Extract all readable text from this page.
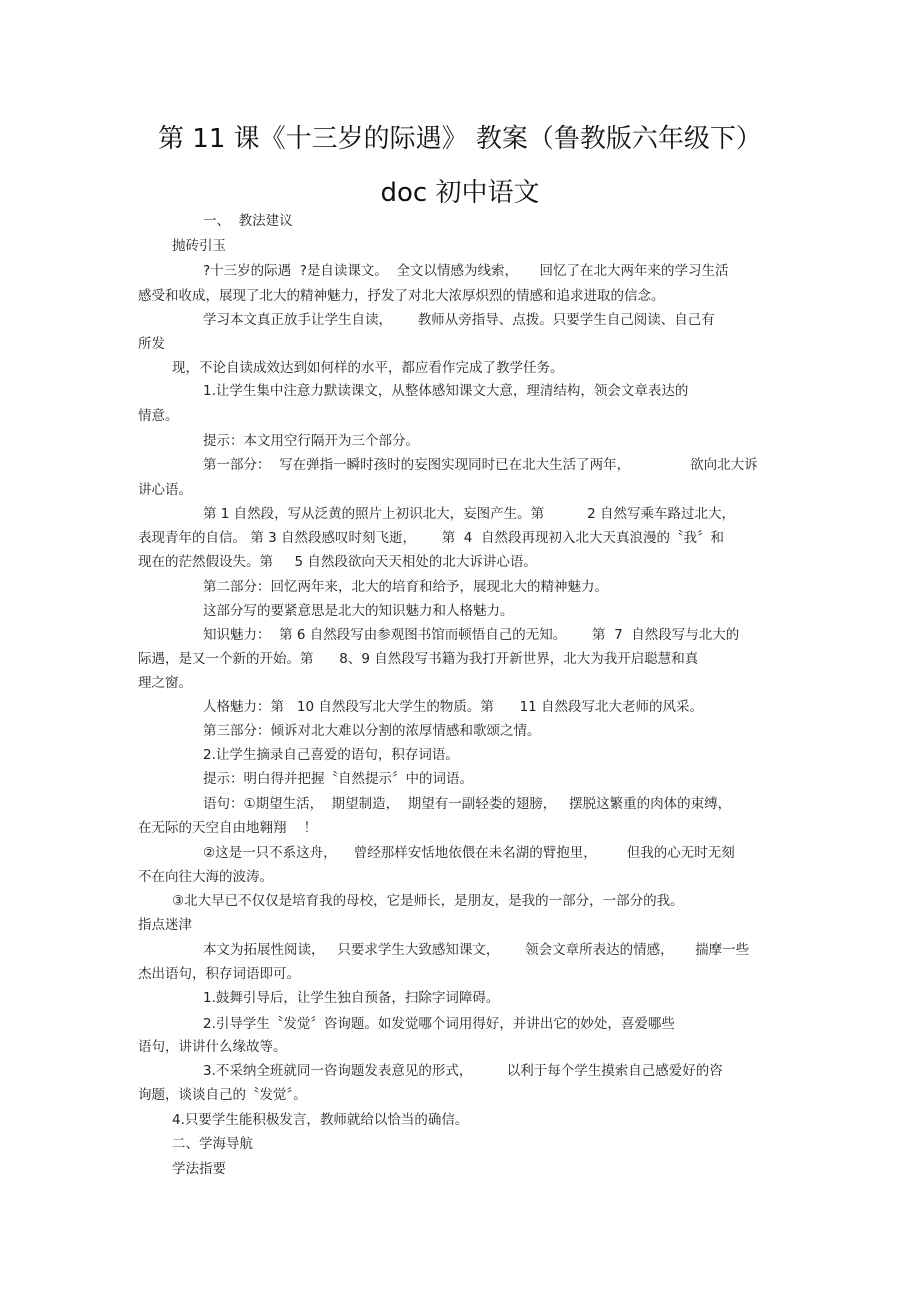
第 11 课《十三岁的际遇》 教案（鲁教版六年级下）
doc 初中语文
一、  教法建议
抛砖引玉
?十三岁的际遇  ?是自读课文。  全文以情感为线索，     回忆了在北大两年来的学习生活
感受和收成，展现了北大的精神魅力，抒发了对北大浓厚炽烈的情感和追求进取的信念。
学习本文真正放手让学生自读，      教师从旁指导、点拨。只要学生自己阅读、自己有
所发
现，不论自读成效达到如何样的水平，都应看作完成了教学任务。
1.让学生集中注意力默读课文，从整体感知课文大意，理清结构，领会文章表达的
情意。
提示：本文用空行隔开为三个部分。
第一部分：  写在弹指一瞬时孩时的妄图实现同时已在北大生活了两年，              欲向北大诉
讲心语。
第 1 自然段，写从泛黄的照片上初识北大，妄图产生。第          2 自然写乘车路过北大，
表现青年的自信。 第 3 自然段感叹时刻飞逝，      第  4  自然段再现初入北大天真浪漫的〝我〞和
现在的茫然假设失。第     5 自然段欲向天天相处的北大诉讲心语。
第二部分：回忆两年来，北大的培育和给予，展现北大的精神魅力。
这部分写的要紧意思是北大的知识魅力和人格魅力。
知识魅力：  第 6 自然段写由参观图书馆而顿悟自己的无知。      第  7  自然段写与北大的
际遇，是又一个新的开始。第      8、9 自然段写书籍为我打开新世界，北大为我开启聪慧和真
理之窗。
人格魅力：第   10 自然段写北大学生的物质。第      11 自然段写北大老师的风采。
第三部分：倾诉对北大难以分割的浓厚情感和歌颂之情。
2.让学生摘录自己喜爱的语句，积存词语。
提示：明白得并把握〝自然提示〞中的词语。
语句：①期望生活，  期望制造，  期望有一副轻娄的翅膀，   摆脱这繁重的肉体的束缚，
在无际的天空自由地翱翔    ！
②这是一只不系这舟，    曾经那样安恬地依偎在未名湖的臂抱里，       但我的心无时无刻
不在向往大海的波涛。
③北大早已不仅仅是培育我的母校，它是师长，是朋友，是我的一部分，一部分的我。
指点迷津
本文为拓展性阅读，   只要求学生大致感知课文，      领会文章所表达的情感，     揣摩一些
杰出语句，积存词语即可。
1.鼓舞引导后，让学生独自预备，扫除字词障碍。
2.引导学生〝发觉〞咨询题。如发觉哪个词用得好，并讲出它的妙处，喜爱哪些
语句，讲讲什么缘故等。
3.不采纳全班就同一咨询题发表意见的形式，        以利于每个学生摸索自己感爱好的咨
询题，谈谈自己的〝发觉〞。
4.只要学生能积极发言，教师就给以恰当的确信。
二、学海导航
学法指要
